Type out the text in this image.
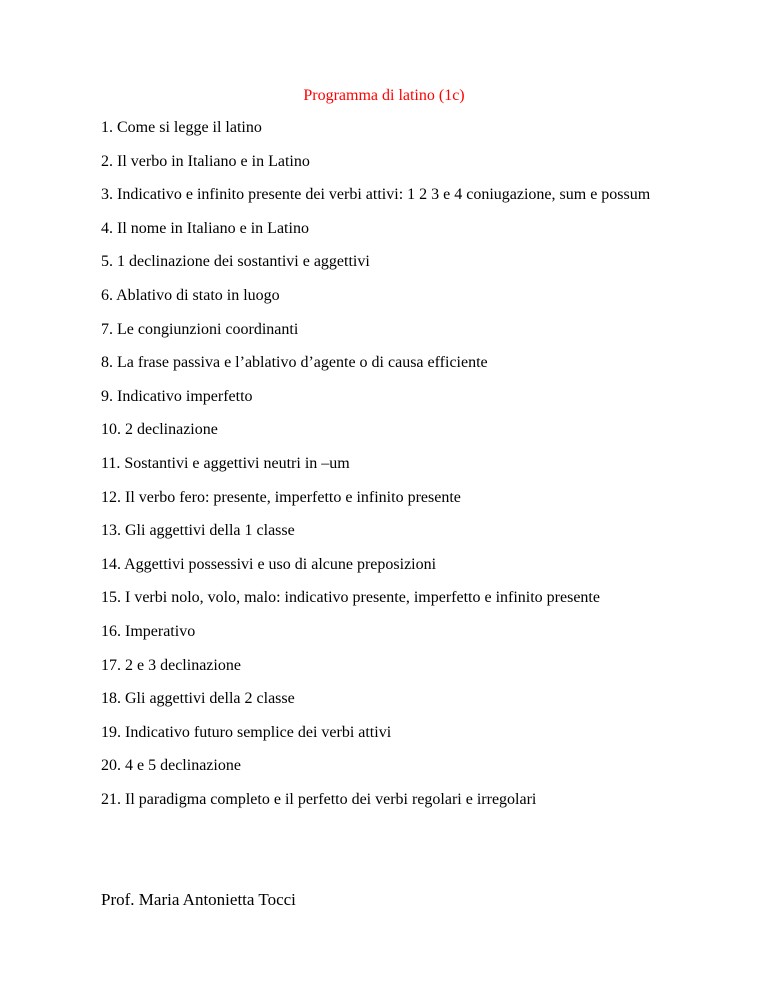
Programma di latino (1c)
1. Come si legge il latino
2. Il verbo in Italiano e in Latino
3. Indicativo e infinito presente dei verbi attivi: 1 2 3 e 4 coniugazione, sum e possum
4. Il nome in Italiano e in Latino
5. 1 declinazione dei sostantivi e aggettivi
6. Ablativo di stato in luogo
7. Le congiunzioni coordinanti
8. La frase passiva e l’ablativo d’agente o di causa efficiente
9. Indicativo imperfetto
10. 2 declinazione
11. Sostantivi e aggettivi neutri in –um
12. Il verbo fero: presente, imperfetto e infinito presente
13. Gli aggettivi della 1 classe
14. Aggettivi possessivi e uso di alcune preposizioni
15. I verbi nolo, volo, malo: indicativo presente, imperfetto e infinito presente
16. Imperativo
17. 2 e 3 declinazione
18. Gli aggettivi della 2 classe
19. Indicativo futuro semplice dei verbi attivi
20. 4 e 5 declinazione
21. Il paradigma completo e il perfetto dei verbi regolari e irregolari

Prof. Maria Antonietta Tocci
